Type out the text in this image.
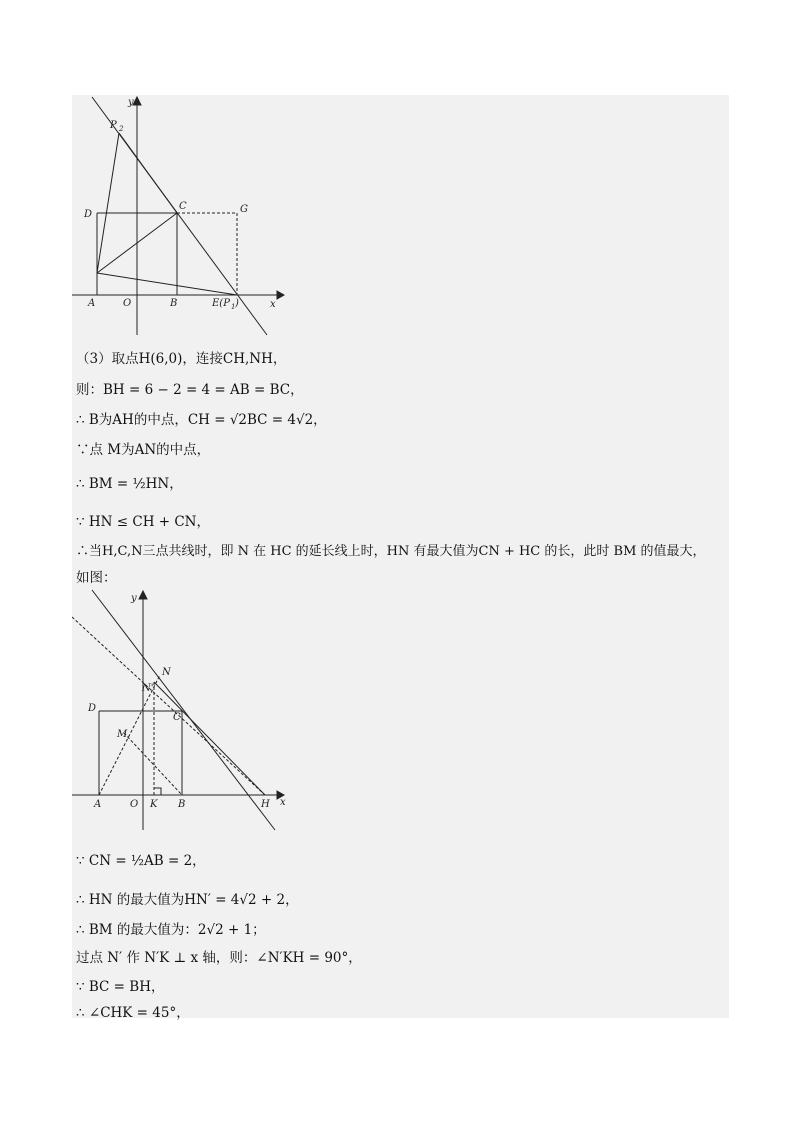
y
x
P 2
D
C	G
A	O	B	E(P 1 )
（3）取点H(6,0)，连接CH,NH，
则：BH = 6 − 2 = 4 = AB = BC，
∴ B为AH的中点，CH = √2BC = 4√2，
∵点 M为AN的中点，
∴ BM = ½HN，
∵ HN ≤ CH + CN，
∴当H,C,N三点共线时，即 N 在 HC 的延长线上时，HN 有最大值为CN + HC 的长，此时 BM 的值最大，
如图：
y
x
N
N'
D
C
M
A	O K B	H
∵ CN = ½AB = 2，
∴ HN 的最大值为HN′ = 4√2 + 2，
∴ BM 的最大值为：2√2 + 1；
过点 N′ 作 N′K ⊥ x 轴，则：∠N′KH = 90°，
∵ BC = BH，
∴ ∠CHK = 45°，
